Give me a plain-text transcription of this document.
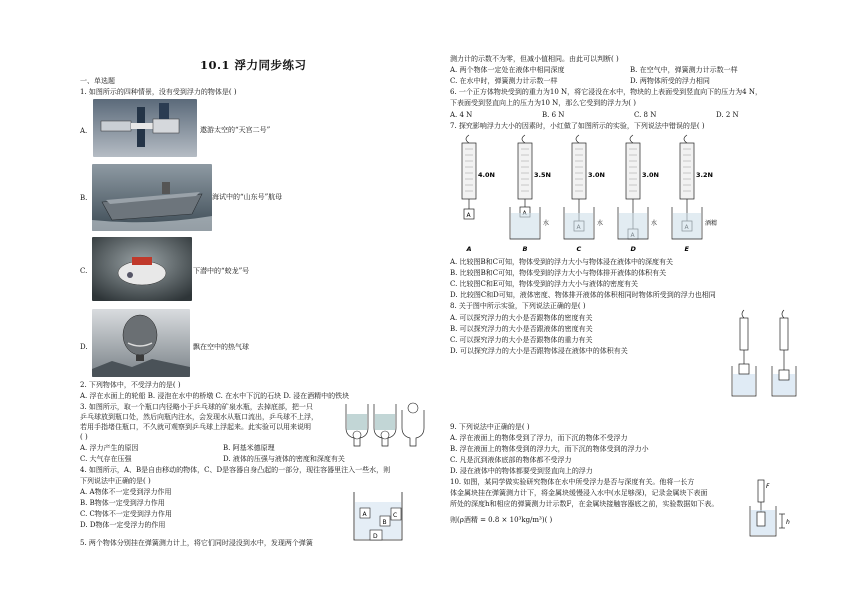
10.1 浮力同步练习
一、单选题
1. 如图所示的四种情景，没有受到浮力的物体是( )
A.	遨游太空的“天宫二号”
B.	海试中的“山东号”航母
C.	下潜中的“蛟龙”号
D.	飘在空中的热气球
2. 下列物体中，不受浮力的是( )
A. 浮在水面上的轮船 B. 浸泡在水中的桥墩 C. 在水中下沉的石块 D. 浸在酒精中的铁块
3. 如图所示，取一个瓶口内径略小于乒乓球的矿泉水瓶，去掉底部，把一只
乒乓球放到瓶口处，然后向瓶内注水，会发现水从瓶口流出，乒乓球不上浮，
若用手指堵住瓶口，不久就可观察到乒乓球上浮起来。此实验可以用来说明
( )
A. 浮力产生的原因	B. 阿基米德原理
C. 大气存在压强	D. 液体的压强与液体的密度和深度有关
4. 如图所示，A、B是自由移动的物体，C、D是容器自身凸起的一部分，现往容器里注入一些水，则
下列说法中正确的是( )
A. A物体不一定受到浮力作用
B. B物体一定受到浮力作用
C. C物体不一定受到浮力作用
D. D物体一定受浮力的作用
A
B
C
D
5. 两个物体分别挂在弹簧测力计上，将它们同时浸没到水中，发现两个弹簧
测力计的示数不为零，但减小值相同。由此可以判断( )
A. 两个物体一定处在液体中相同深度	B. 在空气中，弹簧测力计示数一样
C. 在水中时，弹簧测力计示数一样	D. 两物体所受的浮力相同
6. 一个正方体物块受到的重力为10 N，将它浸没在水中，物块的上表面受到竖直向下的压力为4 N，
下表面受到竖直向上的压力为10 N，那么它受到的浮力为( )
A. 4 N	B. 6 N	C. 8 N	D. 2 N
7. 探究影响浮力大小的因素时，小红做了如图所示的实验，下列说法中错误的是( )
4.0N
A
A
3.5N
水
B
3.0N
水
C
3.0N
水
D
3.2N
酒精
E
A. 比较图B和C可知，物体受到的浮力大小与物体浸在液体中的深度有关
B. 比较图B和C可知，物体受到的浮力大小与物体排开液体的体积有关
C. 比较图C和E可知，物体受到的浮力大小与液体的密度有关
D. 比较图C和D可知，液体密度、物体排开液体的体积相同时物体所受到的浮力也相同
8. 关于图中所示实验，下列说法正确的是( )
A. 可以探究浮力的大小是否跟物体的密度有关
B. 可以探究浮力的大小是否跟液体的密度有关
C. 可以探究浮力的大小是否跟物体的重力有关
D. 可以探究浮力的大小是否跟物体浸在液体中的体积有关
9. 下列说法中正确的是( )
A. 浮在液面上的物体受到了浮力，而下沉的物体不受浮力
B. 浮在液面上的物体受到的浮力大，而下沉的物体受到的浮力小
C. 凡是沉到液体底部的物体都不受浮力
D. 浸在液体中的物体都要受到竖直向上的浮力
10. 如图，某同学做实验研究物体在水中所受浮力是否与深度有关。他将一长方
体金属块挂在弹簧测力计下，将金属块缓慢浸入水中(水足够深)，记录金属块下表面
所处的深度h和相应的弹簧测力计示数F，在金属块接触容器底之前，实验数据如下表。
则(ρ酒精 = 0.8 × 10³kg/m³)( )
F
h
